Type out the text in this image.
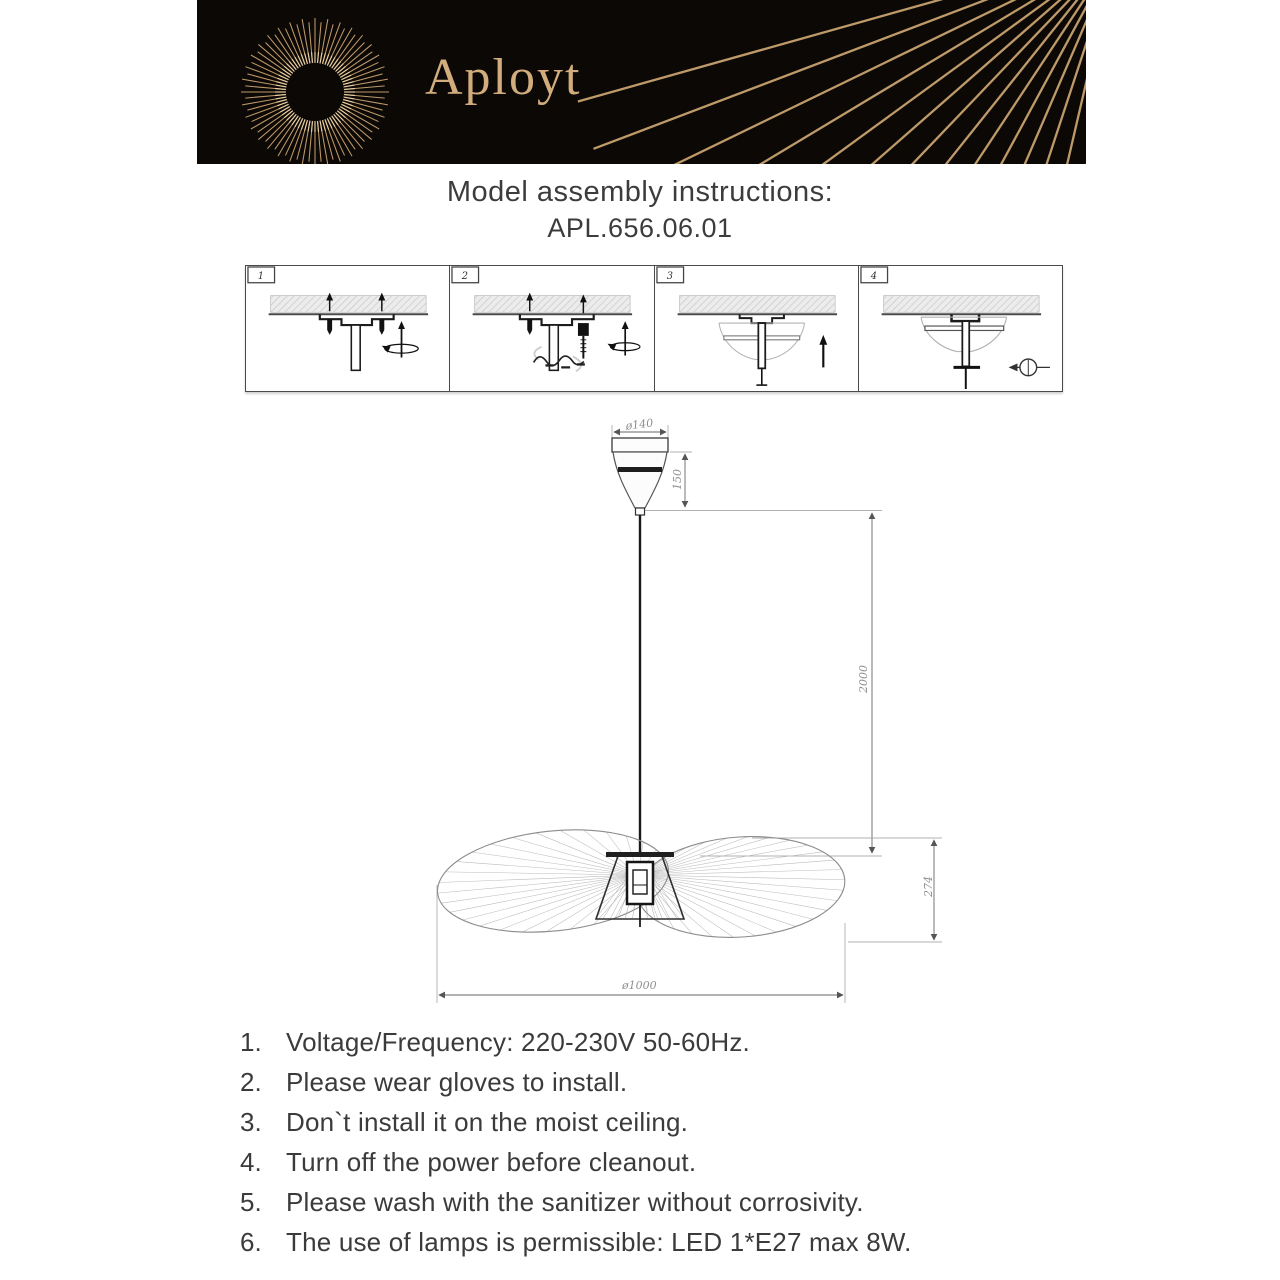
Aployt
Model assembly instructions:
APL.656.06.01
1	2	3	4
ø140
150
2000
274
ø1000
1. Voltage/Frequency: 220-230V 50-60Hz.
2. Please wear gloves to install.
3. Don`t install it on the moist ceiling.
4. Turn off the power before cleanout.
5. Please wash with the sanitizer without corrosivity.
6. The use of lamps is permissible: LED 1*E27 max 8W.
